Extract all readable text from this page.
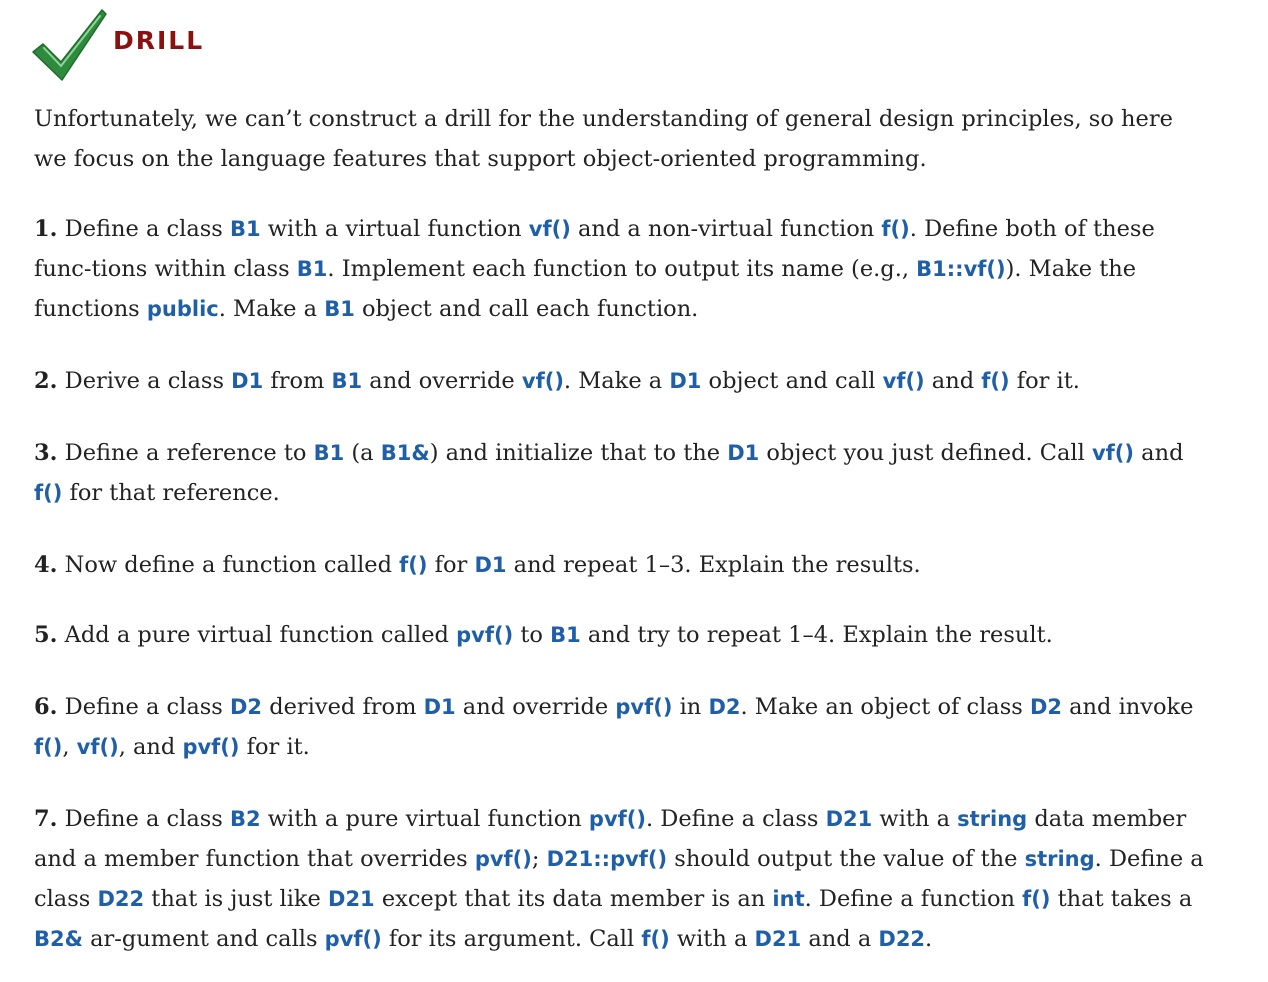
DRILL

Unfortunately, we can’t construct a drill for the understanding of general design principles, so here we focus on the language features that support object-oriented programming.

1. Define a class B1 with a virtual function vf() and a non-virtual function f(). Define both of these func-tions within class B1. Implement each function to output its name (e.g., B1::vf()). Make the functions public. Make a B1 object and call each function.

2. Derive a class D1 from B1 and override vf(). Make a D1 object and call vf() and f() for it.

3. Define a reference to B1 (a B1&) and initialize that to the D1 object you just defined. Call vf() and f() for that reference.

4. Now define a function called f() for D1 and repeat 1–3. Explain the results.

5. Add a pure virtual function called pvf() to B1 and try to repeat 1–4. Explain the result.

6. Define a class D2 derived from D1 and override pvf() in D2. Make an object of class D2 and invoke f(), vf(), and pvf() for it.

7. Define a class B2 with a pure virtual function pvf(). Define a class D21 with a string data member and a member function that overrides pvf(); D21::pvf() should output the value of the string. Define a class D22 that is just like D21 except that its data member is an int. Define a function f() that takes a B2& ar-gument and calls pvf() for its argument. Call f() with a D21 and a D22.
